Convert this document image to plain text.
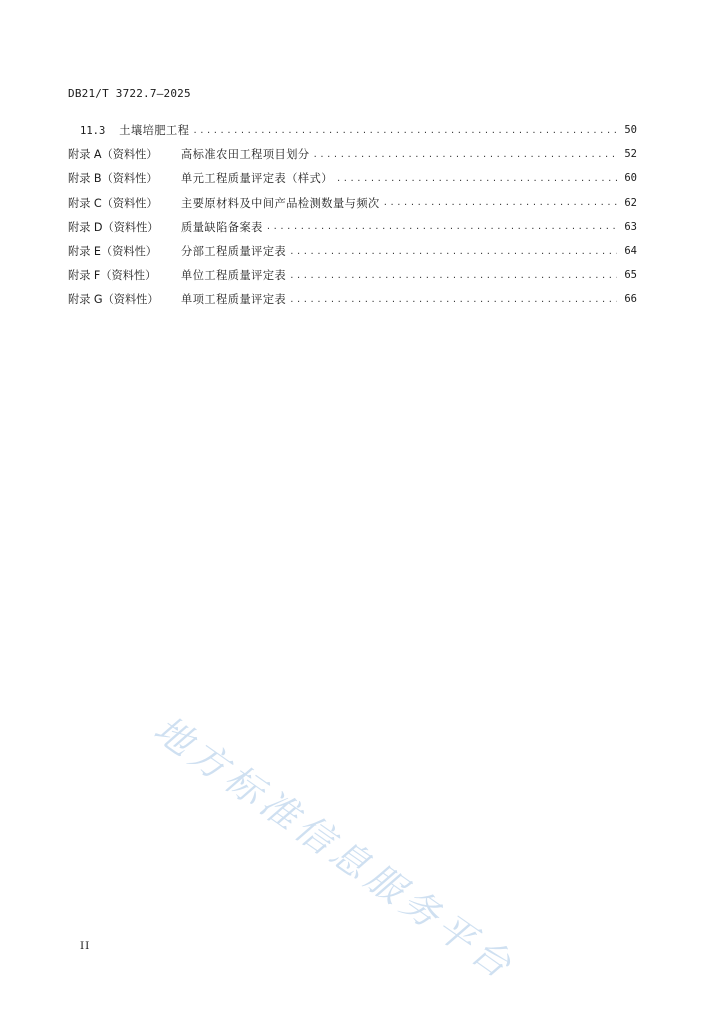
DB21/T 3722.7—2025
11.3	土壤培肥工程 .....	50
附录 A（资料性）	高标准农田工程项目划分 .....	52
附录 B（资料性）	单元工程质量评定表（样式） .....	60
附录 C（资料性）	主要原材料及中间产品检测数量与频次 .....	62
附录 D（资料性）	质量缺陷备案表 .....	63
附录 E（资料性）	分部工程质量评定表 .....	64
附录 F（资料性）	单位工程质量评定表 .....	65
附录 G（资料性）	单项工程质量评定表 .....	66
地方标准信息服务平台
II
